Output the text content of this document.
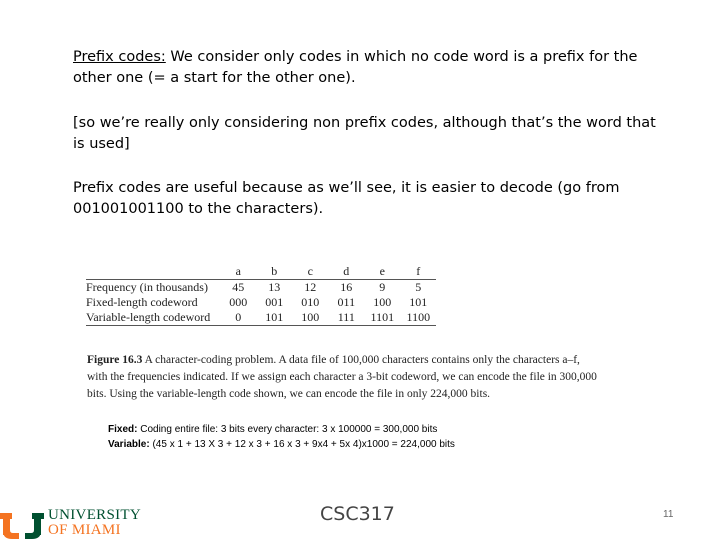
Prefix codes: We consider only codes in which no code word is a prefix for the other one (= a start for the other one).

[so we’re really only considering non prefix codes, although that’s the word that is used]

Prefix codes are useful because as we’ll see, it is easier to decode (go from 001001001100 to the characters).

	a	b	c	d	e	f
Frequency (in thousands)	45	13	12	16	9	5
Fixed-length codeword	000	001	010	011	100	101
Variable-length codeword	0	101	100	111	1101	1100

Figure 16.3 A character-coding problem. A data file of 100,000 characters contains only the characters a–f, with the frequencies indicated. If we assign each character a 3-bit codeword, we can encode the file in 300,000 bits. Using the variable-length code shown, we can encode the file in only 224,000 bits.

Fixed: Coding entire file: 3 bits every character: 3 x 100000 = 300,000 bits
Variable: (45 x 1 + 13 X 3 + 12 x 3 + 16 x 3 + 9x4 + 5x 4)x1000 = 224,000 bits
UNIVERSITY
OF MIAMI
CSC317	11
